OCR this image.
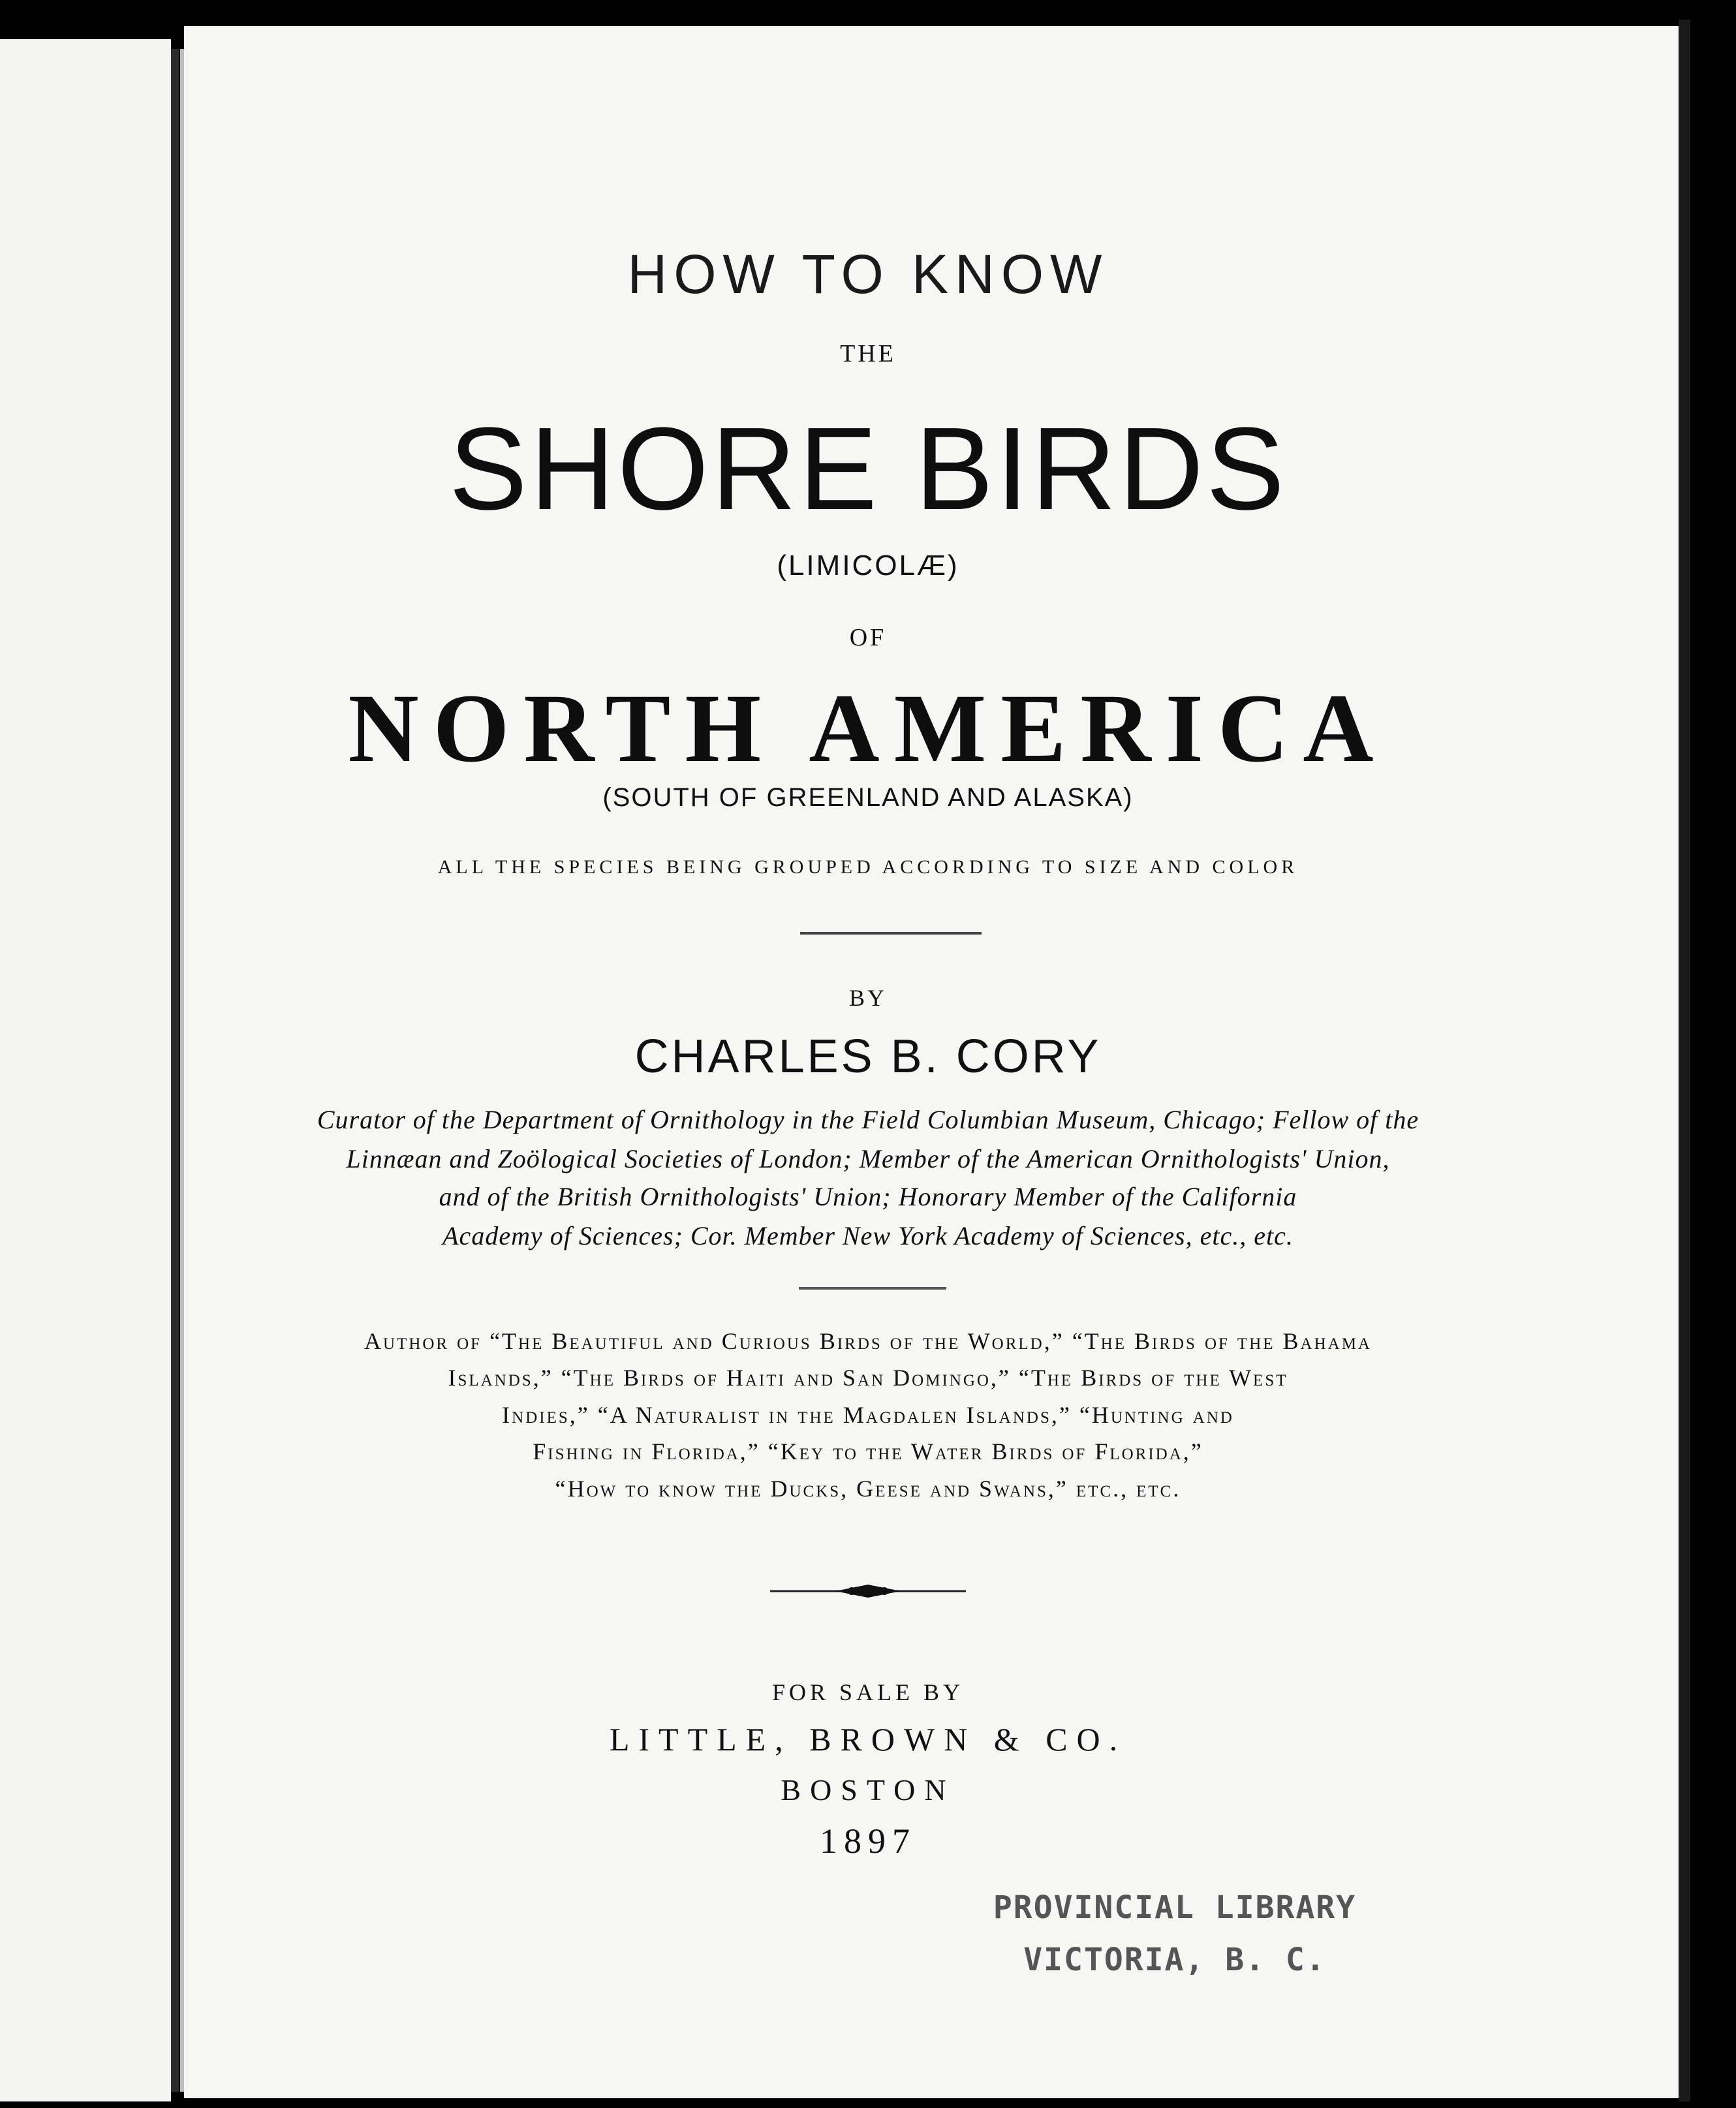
HOW TO KNOW
THE
SHORE BIRDS
(LIMICOLÆ)
OF
NORTH AMERICA
(SOUTH OF GREENLAND AND ALASKA)
ALL THE SPECIES BEING GROUPED ACCORDING TO SIZE AND COLOR
BY
CHARLES B. CORY
Curator of the Department of Ornithology in the Field Columbian Museum, Chicago; Fellow of the
Linnæan and Zoölogical Societies of London; Member of the American Ornithologists' Union,
and of the British Ornithologists' Union; Honorary Member of the California
Academy of Sciences; Cor. Member New York Academy of Sciences, etc., etc.
Author of “The Beautiful and Curious Birds of the World,” “The Birds of the Bahama
Islands,” “The Birds of Haiti and San Domingo,” “The Birds of the West
Indies,” “A Naturalist in the Magdalen Islands,” “Hunting and
Fishing in Florida,” “Key to the Water Birds of Florida,”
“How to know the Ducks, Geese and Swans,” etc., etc.
FOR SALE BY
LITTLE, BROWN & CO.
BOSTON
1897
PROVINCIAL LIBRARY
VICTORIA, B. C.
